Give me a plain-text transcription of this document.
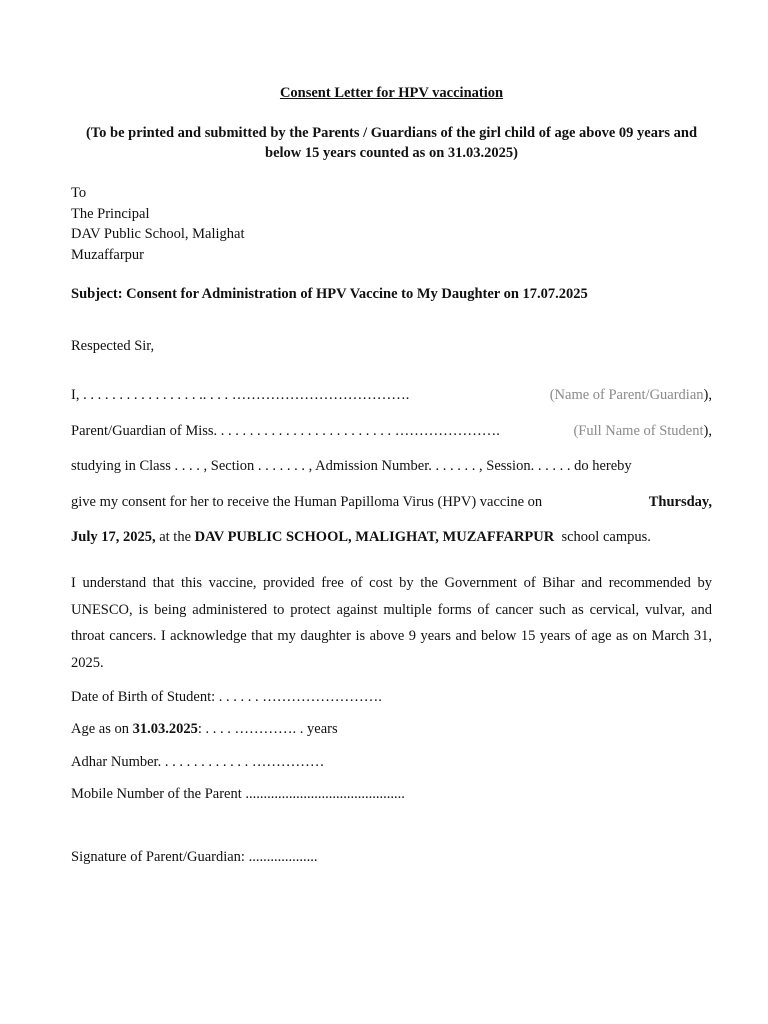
Consent Letter for HPV vaccination
(To be printed and submitted by the Parents / Guardians of the girl child of age above 09 years and below 15 years counted as on 31.03.2025)
To
The Principal
DAV Public School, Malighat
Muzaffarpur
Subject: Consent for Administration of HPV Vaccine to My Daughter on 17.07.2025
Respected Sir,
I, . . . . . . . . . . . . . . . . .. . . . ……………………………….	(Name of Parent/Guardian),
Parent/Guardian of Miss. . . . . . . . . . . . . . . . . . . . . . . . . ………………….	(Full Name of Student),
studying in Class . . . . , Section . . . . . . . , Admission Number. . . . . . . , Session. . . . . . do hereby
give my consent for her to receive the Human Papilloma Virus (HPV) vaccine on	Thursday,
July 17, 2025, at the DAV PUBLIC SCHOOL, MALIGHAT, MUZAFFARPUR school campus.
I understand that this vaccine, provided free of cost by the Government of Bihar and recommended by UNESCO, is being administered to protect against multiple forms of cancer such as cervical, vulvar, and throat cancers. I acknowledge that my daughter is above 9 years and below 15 years of age as on March 31, 2025.
Date of Birth of Student: . . . . . . …………………….
Age as on 31.03.2025: . . . . …………. . years
Adhar Number. . . . . . . . . . . . . ……………
Mobile Number of the Parent ............................................
Signature of Parent/Guardian: ...................
